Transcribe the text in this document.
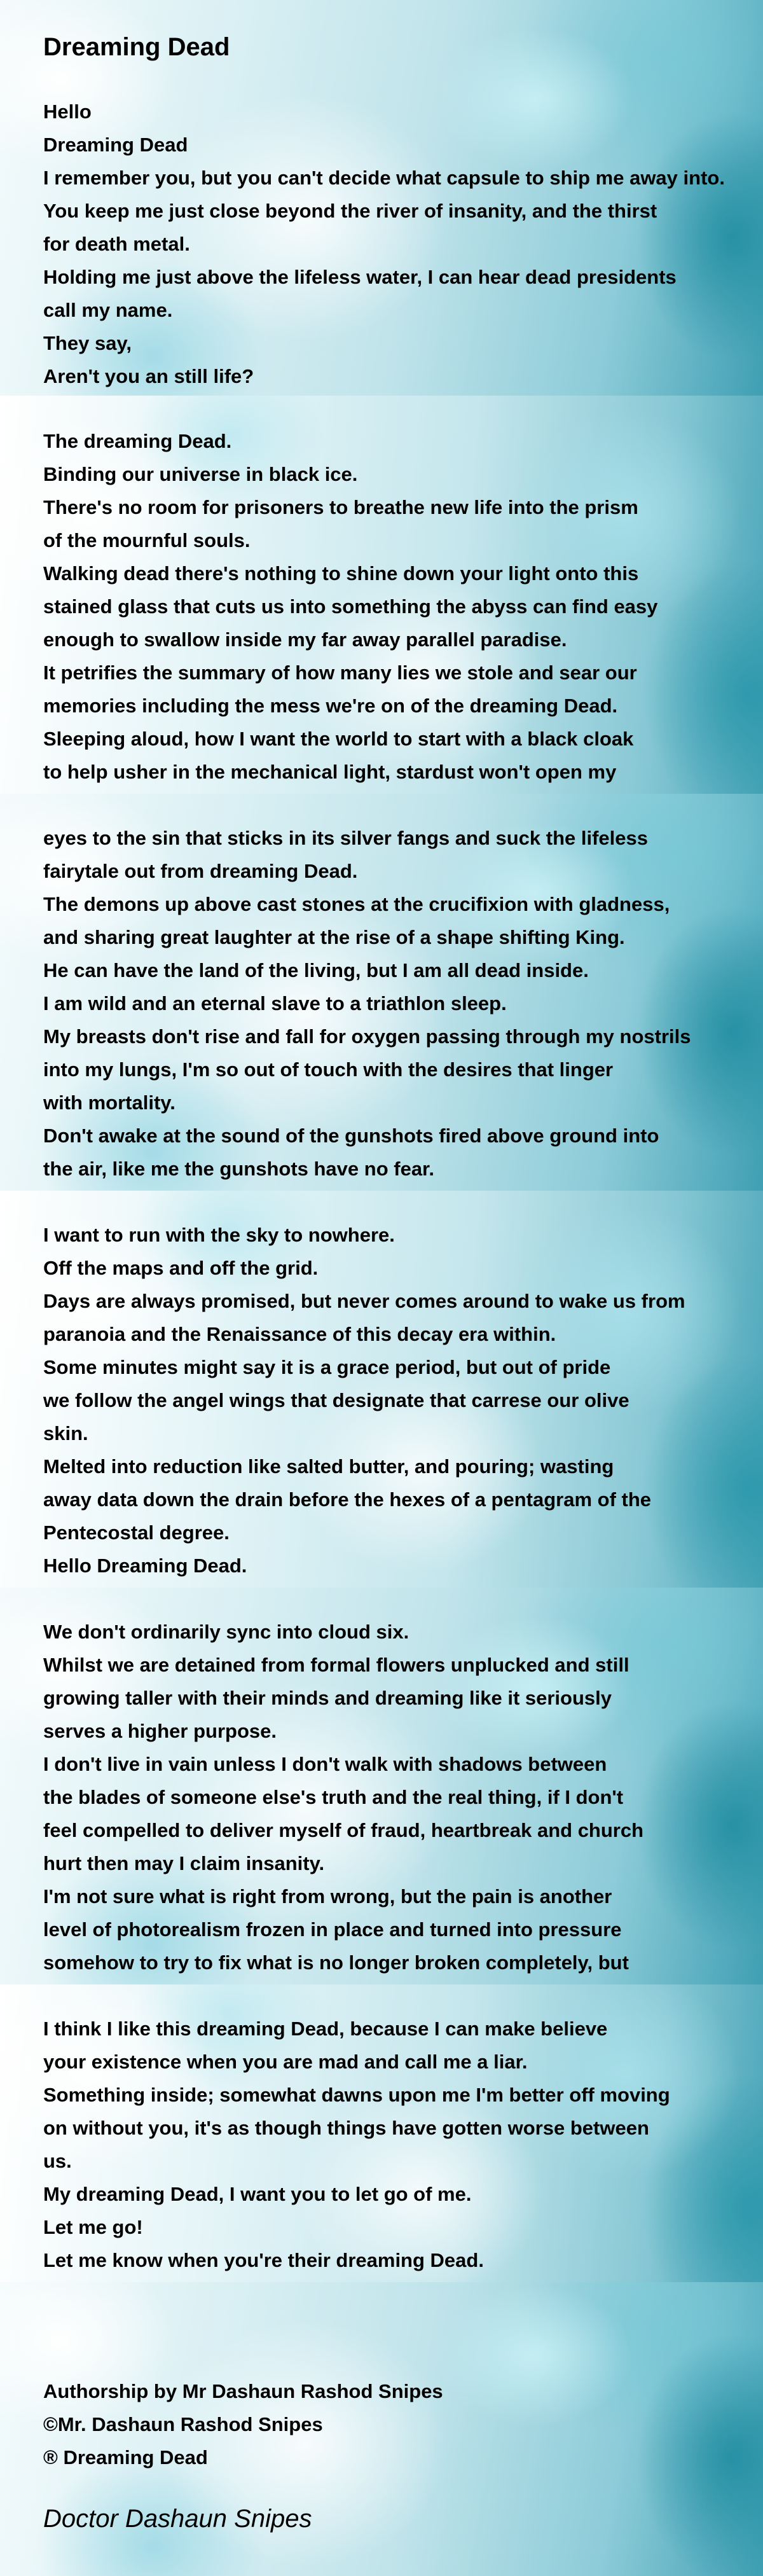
Dreaming Dead
Hello
Dreaming Dead
I remember you, but you can't decide what capsule to ship me away into.
You keep me just close beyond the river of insanity, and the thirst
for death metal.
Holding me just above the lifeless water, I can hear dead presidents
call my name.
They say,
Aren't you an still life?
The dreaming Dead.
Binding our universe in black ice.
There's no room for prisoners to breathe new life into the prism
of the mournful souls.
Walking dead there's nothing to shine down your light onto this
stained glass that cuts us into something the abyss can find easy
enough to swallow inside my far away parallel paradise.
It petrifies the summary of how many lies we stole and sear our
memories including the mess we're on of the dreaming Dead.
Sleeping aloud, how I want the world to start with a black cloak
to help usher in the mechanical light, stardust won't open my
eyes to the sin that sticks in its silver fangs and suck the lifeless
fairytale out from dreaming Dead.
The demons up above cast stones at the crucifixion with gladness,
and sharing great laughter at the rise of a shape shifting King.
He can have the land of the living, but I am all dead inside.
I am wild and an eternal slave to a triathlon sleep.
My breasts don't rise and fall for oxygen passing through my nostrils
into my lungs, I'm so out of touch with the desires that linger
with mortality.
Don't awake at the sound of the gunshots fired above ground into
the air, like me the gunshots have no fear.
I want to run with the sky to nowhere.
Off the maps and off the grid.
Days are always promised, but never comes around to wake us from
paranoia and the Renaissance of this decay era within.
Some minutes might say it is a grace period, but out of pride
we follow the angel wings that designate that carrese our olive
skin.
Melted into reduction like salted butter, and pouring; wasting
away data down the drain before the hexes of a pentagram of the
Pentecostal degree.
Hello Dreaming Dead.
We don't ordinarily sync into cloud six.
Whilst we are detained from formal flowers unplucked and still
growing taller with their minds and dreaming like it seriously
serves a higher purpose.
I don't live in vain unless I don't walk with shadows between
the blades of someone else's truth and the real thing, if I don't
feel compelled to deliver myself of fraud, heartbreak and church
hurt then may I claim insanity.
I'm not sure what is right from wrong, but the pain is another
level of photorealism frozen in place and turned into pressure
somehow to try to fix what is no longer broken completely, but
I think I like this dreaming Dead, because I can make believe
your existence when you are mad and call me a liar.
Something inside; somewhat dawns upon me I'm better off moving
on without you, it's as though things have gotten worse between
us.
My dreaming Dead, I want you to let go of me.
Let me go!
Let me know when you're their dreaming Dead.
Authorship by Mr Dashaun Rashod Snipes
©Mr. Dashaun Rashod Snipes
® Dreaming Dead
Doctor Dashaun Snipes
